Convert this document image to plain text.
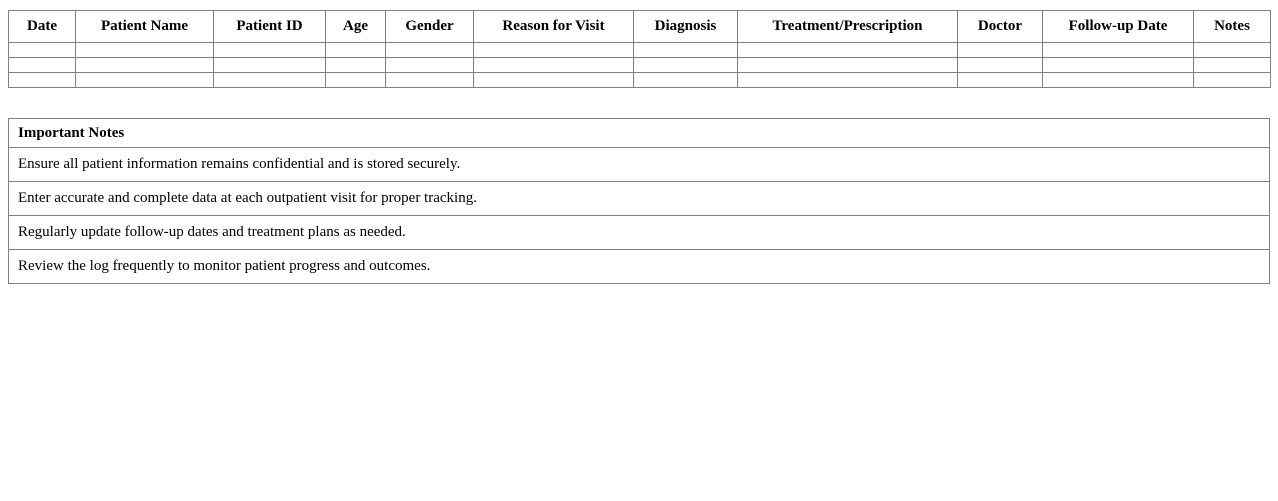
Date	Patient Name	Patient ID	Age	Gender	Reason for Visit	Diagnosis	Treatment/Prescription	Doctor	Follow-up Date	Notes

Important Notes
Ensure all patient information remains confidential and is stored securely.
Enter accurate and complete data at each outpatient visit for proper tracking.
Regularly update follow-up dates and treatment plans as needed.
Review the log frequently to monitor patient progress and outcomes.
